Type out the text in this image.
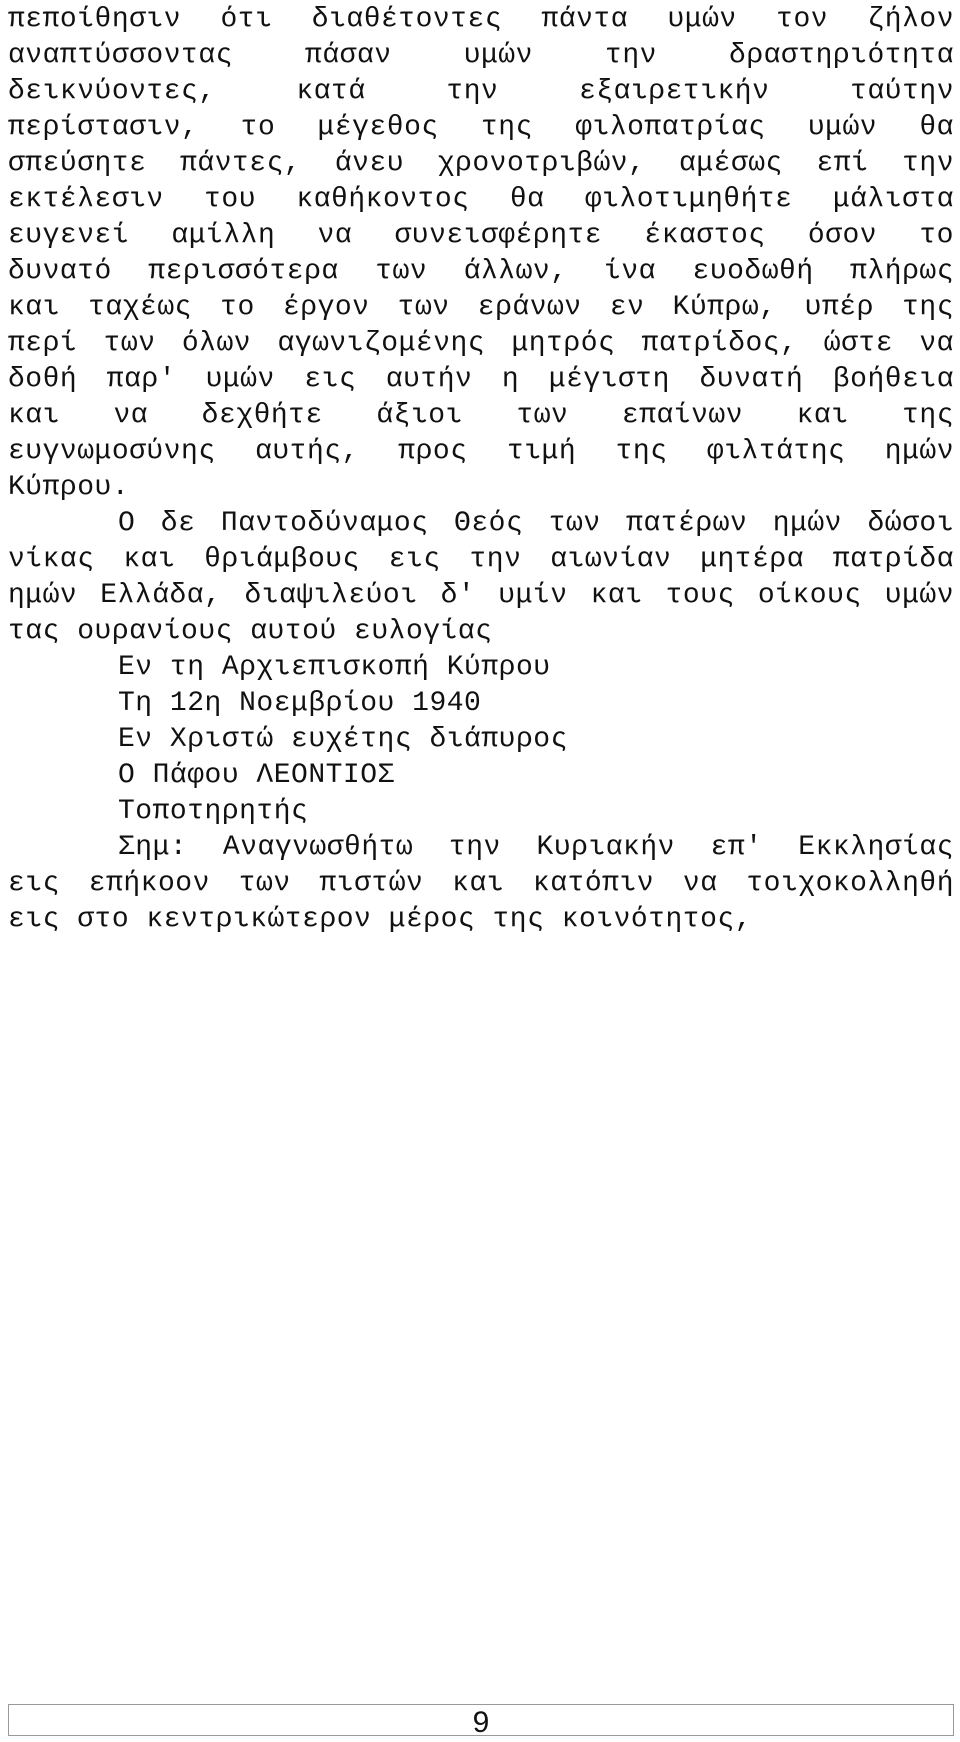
πεποίθησιν ότι διαθέτοντες πάντα υμών τον ζήλον
αναπτύσσοντας πάσαν υμών την δραστηριότητα
δεικνύοντες, κατά την εξαιρετικήν ταύτην
περίστασιν, το μέγεθος της φιλοπατρίας υμών θα
σπεύσητε πάντες, άνευ χρονοτριβών, αμέσως επί την
εκτέλεσιν του καθήκοντος θα φιλοτιμηθήτε μάλιστα
ευγενεί αμίλλη να συνεισφέρητε έκαστος όσον το
δυνατό περισσότερα των άλλων, ίνα ευοδωθή πλήρως
και ταχέως το έργον των εράνων εν Κύπρω, υπέρ της
περί των όλων αγωνιζομένης μητρός πατρίδος, ώστε να
δοθή παρ' υμών εις αυτήν η μέγιστη δυνατή βοήθεια
και να δεχθήτε άξιοι των επαίνων και της
ευγνωμοσύνης αυτής, προς τιμή της φιλτάτης ημών
Κύπρου.
Ο δε Παντοδύναμος Θεός των πατέρων ημών δώσοι
νίκας και θριάμβους εις την αιωνίαν μητέρα πατρίδα
ημών Ελλάδα, διαψιλεύοι δ' υμίν και τους οίκους υμών
τας ουρανίους αυτού ευλογίας
Εν τη Αρχιεπισκοπή Κύπρου
Τη 12η Νοεμβρίου 1940
Εν Χριστώ ευχέτης διάπυρος
Ο Πάφου ΛΕΟΝΤΙΟΣ
Τοποτηρητής
Σημ: Αναγνωσθήτω την Κυριακήν επ' Εκκλησίας
εις επήκοον των πιστών και κατόπιν να τοιχοκολληθή
εις στο κεντρικώτερον μέρος της κοινότητος,
9
